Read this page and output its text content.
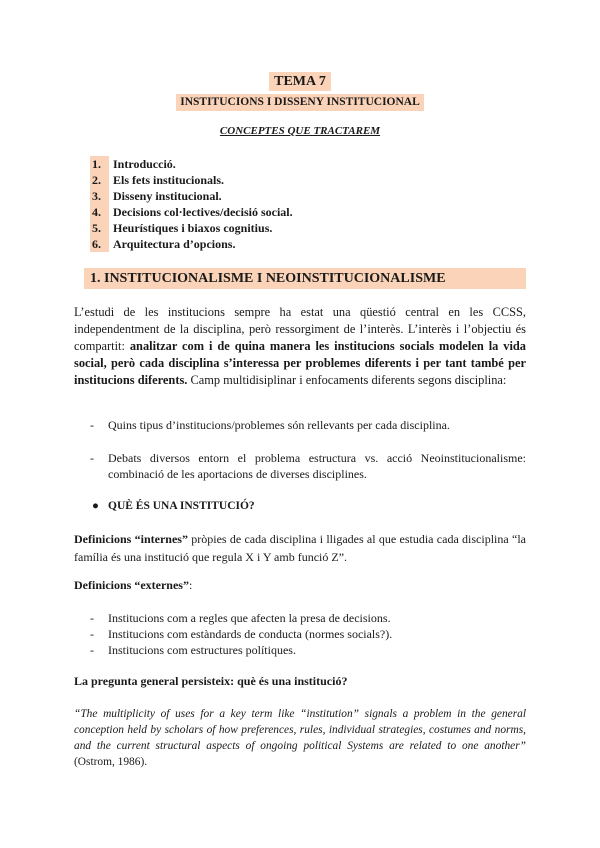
TEMA 7
INSTITUCIONS I DISSENY INSTITUCIONAL
CONCEPTES QUE TRACTAREM
1.	Introducció.
2.	Els fets institucionals.
3.	Disseny institucional.
4.	Decisions col·lectives/decisió social.
5.	Heurístiques i biaxos cognitius.
6.	Arquitectura d’opcions.
1. INSTITUCIONALISME I NEOINSTITUCIONALISME
L’estudi de les institucions sempre ha estat una qüestió central en les CCSS, independentment de la disciplina, però ressorgiment de l’interès. L’interès i l’objectiu és compartit: analitzar com i de quina manera les institucions socials modelen la vida social, però cada disciplina s’interessa per problemes diferents i per tant també per institucions diferents. Camp multidisiplinar i enfocaments diferents segons disciplina:
- Quins tipus d’institucions/problemes són rellevants per cada disciplina.
- Debats diversos entorn el problema estructura vs. acció Neoinstitucionalisme: combinació de les aportacions de diverses disciplines.
● QUÈ ÉS UNA INSTITUCIÓ?
Definicions “internes” pròpies de cada disciplina i lligades al que estudia cada disciplina “la família és una institució que regula X i Y amb funció Z”.
Definicions “externes”:
- Institucions com a regles que afecten la presa de decisions.
- Institucions com estàndards de conducta (normes socials?).
- Institucions com estructures polítiques.
La pregunta general persisteix: què és una institució?
“The multiplicity of uses for a key term like “institution” signals a problem in the general conception held by scholars of how preferences, rules, individual strategies, costumes and norms, and the current structural aspects of ongoing political Systems are related to one another” (Ostrom, 1986).
